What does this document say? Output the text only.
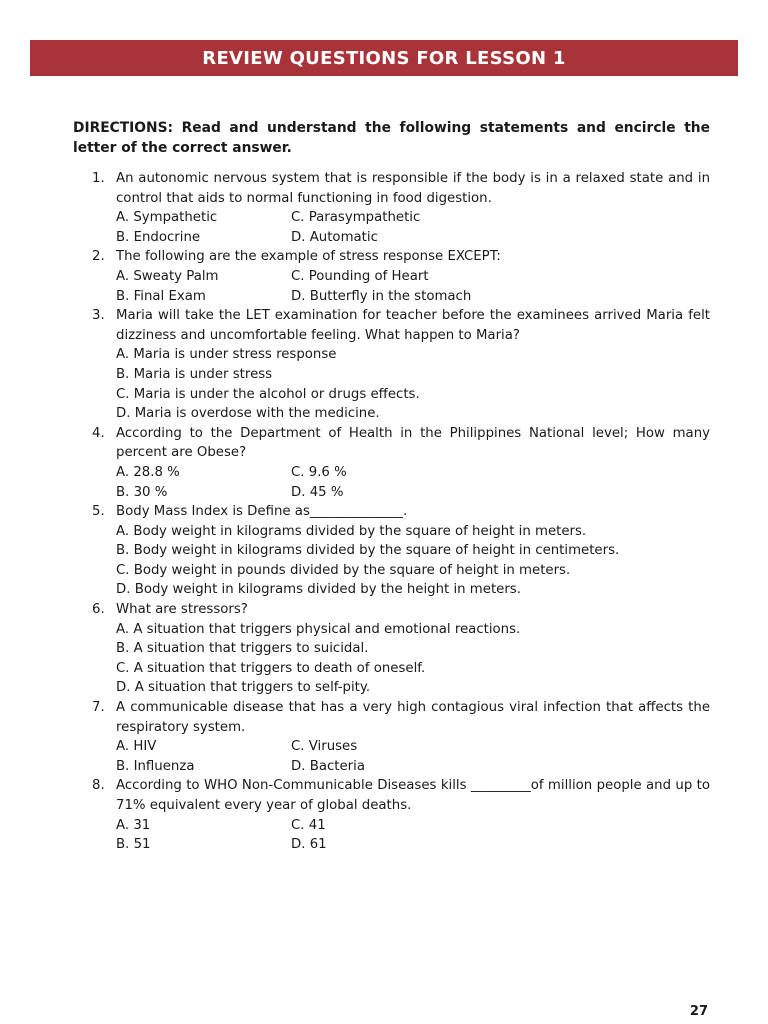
REVIEW QUESTIONS FOR LESSON 1
DIRECTIONS: Read and understand the following statements and encircle the letter of the correct answer.
1. An autonomic nervous system that is responsible if the body is in a relaxed state and in control that aids to normal functioning in food digestion.
A. Sympathetic	C. Parasympathetic
B. Endocrine	D. Automatic
2. The following are the example of stress response EXCEPT:
A. Sweaty Palm	C. Pounding of Heart
B. Final Exam	D. Butterfly in the stomach
3. Maria will take the LET examination for teacher before the examinees arrived Maria felt dizziness and uncomfortable feeling. What happen to Maria?
A. Maria is under stress response
B. Maria is under stress
C. Maria is under the alcohol or drugs effects.
D. Maria is overdose with the medicine.
4. According to the Department of Health in the Philippines National level; How many percent are Obese?
A. 28.8 %	C. 9.6 %
B. 30 %	D. 45 %
5. Body Mass Index is Define as______________.
A. Body weight in kilograms divided by the square of height in meters.
B. Body weight in kilograms divided by the square of height in centimeters.
C. Body weight in pounds divided by the square of height in meters.
D. Body weight in kilograms divided by the height in meters.
6. What are stressors?
A. A situation that triggers physical and emotional reactions.
B. A situation that triggers to suicidal.
C. A situation that triggers to death of oneself.
D. A situation that triggers to self-pity.
7. A communicable disease that has a very high contagious viral infection that affects the respiratory system.
A. HIV	C. Viruses
B. Influenza	D. Bacteria
8. According to WHO Non-Communicable Diseases kills _________of million people and up to 71% equivalent every year of global deaths.
A. 31	C. 41
B. 51	D. 61
27
